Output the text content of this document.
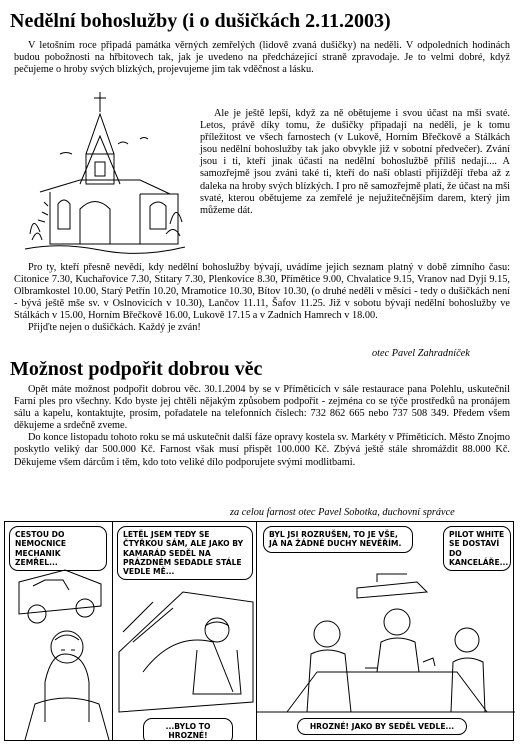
Nedělní bohoslužby (i o dušičkách 2.11.2003)

V letošním roce připadá památka věrných zemřelých (lidově zvaná dušičky) na neděli. V odpoledních hodinách budou pobožnosti na hřbitovech tak, jak je uvedeno na předcházející straně zpravodaje. Je to velmi dobré, když pečujeme o hroby svých blízkých, projevujeme jim tak vděčnost a lásku.

Ale je ještě lepší, když za ně obětujeme i svou účast na mši svaté. Letos, právě díky tomu, že dušičky připadají na neděli, je k tomu příležitost ve všech farnostech (v Lukově, Horním Břečkově a Stálkách jsou nedělní bohoslužby tak jako obvykle již v sobotní předvečer). Zvání jsou i ti, kteří jinak účasti na nedělní bohoslužbě příliš nedají.... A samozřejmě jsou zváni také ti, kteří do naší oblasti přijíždějí třeba až z daleka na hroby svých blízkých. I pro ně samozřejmě platí, že účast na mši svaté, kterou obětujeme za zemřelé je nejužitečnějším darem, který jim můžeme dát.

Pro ty, kteří přesně nevědí, kdy nedělní bohoslužby bývají, uvádíme jejich seznam platný v době zimního času: Citonice 7.30, Kuchařovice 7.30, Stitary 7.30, Plenkovice 8.30, Přímětice 9.00, Chvalatice 9.15, Vranov nad Dyjí 9.15, Olbramkostel 10.00, Starý Petřín 10.20, Mramotice 10.30, Bítov 10.30, (o druhé neděli v měsíci - tedy o dušičkách není - bývá ještě mše sv. v Oslnovicích v 10.30), Lančov 11.11, Šafov 11.25. Již v sobotu bývají nedělní bohoslužby ve Stálkách v 15.00, Horním Břečkově 16.00, Lukově 17.15 a v Zadních Hamrech v 18.00.

Přijďte nejen o dušičkách. Každý je zván!

otec Pavel Zahradníček
Možnost podpořit dobrou věc

Opět máte možnost podpořit dobrou věc. 30.1.2004 by se v Příměticích v sále restaurace pana Polehlu, uskutečnil Farní ples pro všechny. Kdo byste jej chtěli nějakým způsobem podpořit - zejména co se týče prostředků na pronájem sálu a kapelu, kontaktujte, prosím, pořadatele na telefonních číslech: 732 862 665 nebo 737 508 349. Předem všem děkujeme a srdečně zveme.

Do konce listopadu tohoto roku se má uskutečnit další fáze opravy kostela sv. Markéty v Příměticích. Město Znojmo poskytlo veliký dar 500.000 Kč. Farnost však musí přispět 100.000 Kč. Zbývá ještě stále shromáždit 88.000 Kč. Děkujeme všem dárcům i těm, kdo toto veliké dílo podporujete svými modlitbami.

za celou farnost otec Pavel Sobotka, duchovní správce
CESTOU DO NEMOCNICE MECHANIK ZEMŘEL...
LETĚL JSEM TEDY SE ČTYŘKOU SÁM, ALE JAKO BY KAMARÁD SEDĚL NA PRÁZDNÉM SEDADLE STÁLE VEDLE MĚ...
...BYLO TO HROZNÉ!
BYL JSI ROZRUŠEN, TO JE VŠE, JÁ NA ŽÁDNÉ DUCHY NEVĚŘÍM.
PILOT WHITE SE DOSTAVÍ DO KANCELÁŘE...
HROZNÉ! JAKO BY SEDĚL VEDLE...
